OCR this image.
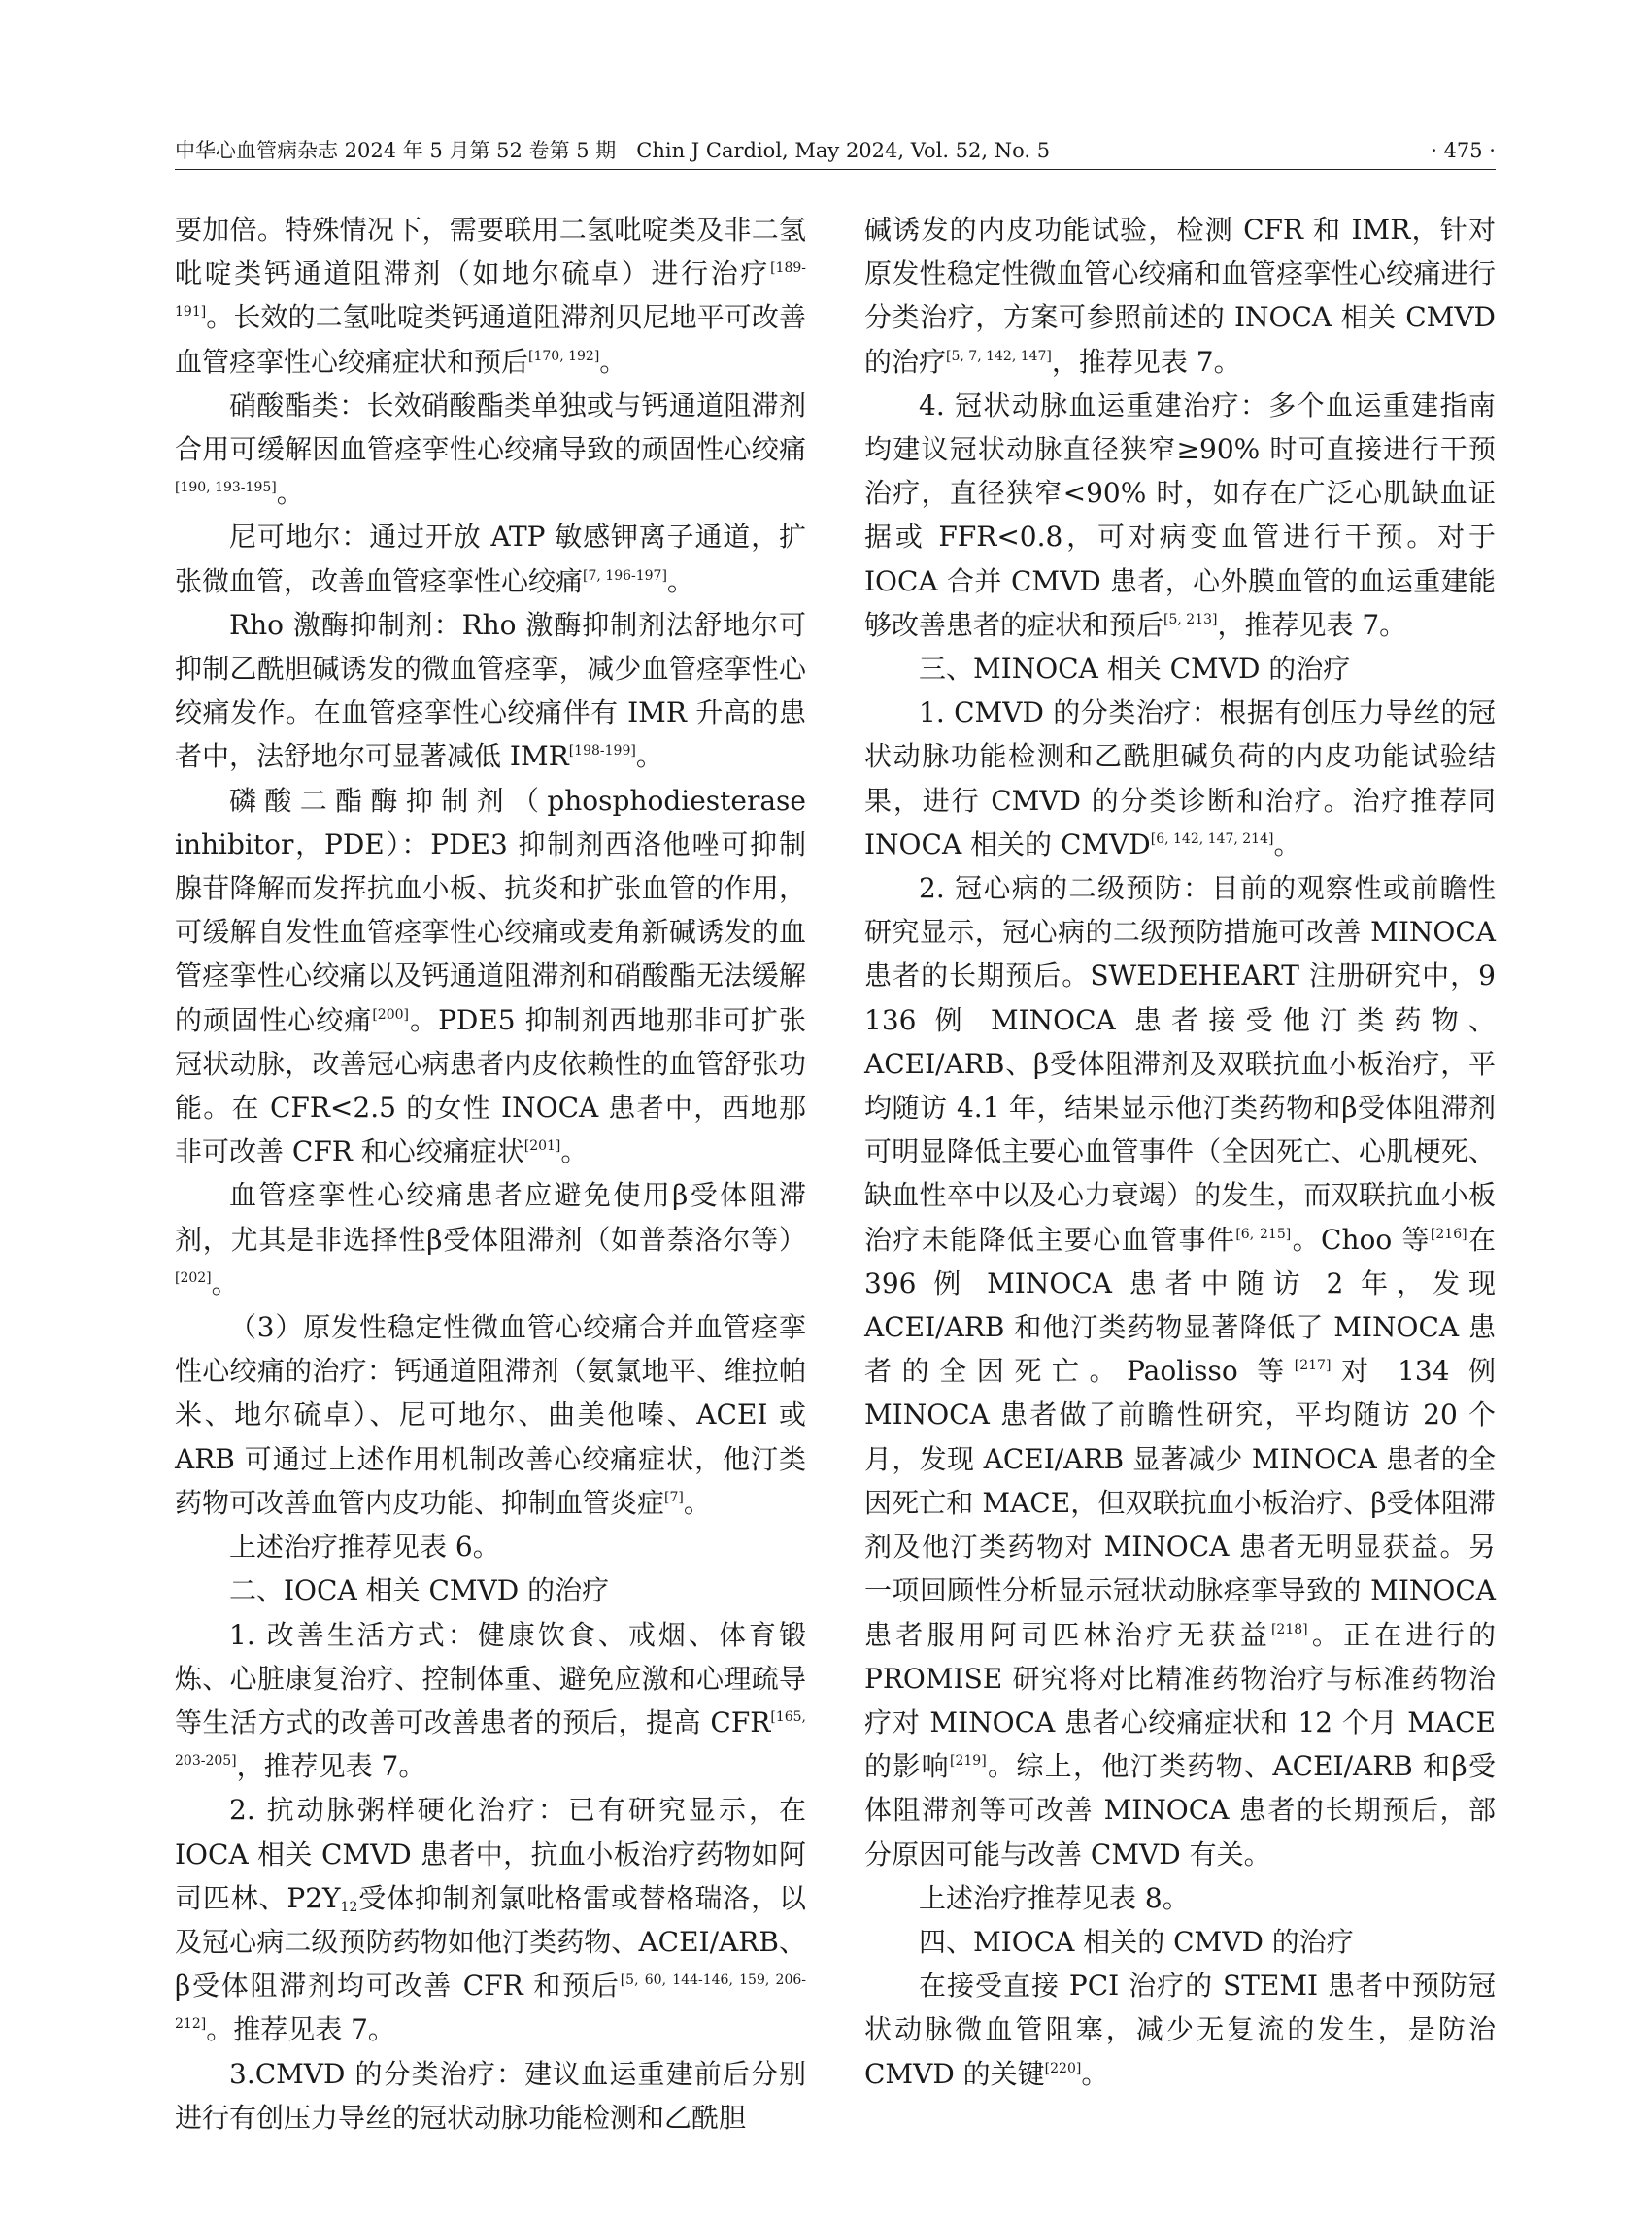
中华心血管病杂志 2024 年 5 月第 52 卷第 5 期　Chin J Cardiol, May 2024, Vol. 52, No. 5	· 475 ·

要加倍。特殊情况下，需要联用二氢吡啶类及非二氢吡啶类钙通道阻滞剂（如地尔硫卓）进行治疗[189-191]。长效的二氢吡啶类钙通道阻滞剂贝尼地平可改善血管痉挛性心绞痛症状和预后[170, 192]。

硝酸酯类：长效硝酸酯类单独或与钙通道阻滞剂合用可缓解因血管痉挛性心绞痛导致的顽固性心绞痛[190, 193-195]。

尼可地尔：通过开放 ATP 敏感钾离子通道，扩张微血管，改善血管痉挛性心绞痛[7, 196-197]。

Rho 激酶抑制剂：Rho 激酶抑制剂法舒地尔可抑制乙酰胆碱诱发的微血管痉挛，减少血管痉挛性心绞痛发作。在血管痉挛性心绞痛伴有 IMR 升高的患者中，法舒地尔可显著减低 IMR[198-199]。

磷酸二酯酶抑制剂（phosphodiesterase inhibitor，PDE）：PDE3 抑制剂西洛他唑可抑制腺苷降解而发挥抗血小板、抗炎和扩张血管的作用，可缓解自发性血管痉挛性心绞痛或麦角新碱诱发的血管痉挛性心绞痛以及钙通道阻滞剂和硝酸酯无法缓解的顽固性心绞痛[200]。PDE5 抑制剂西地那非可扩张冠状动脉，改善冠心病患者内皮依赖性的血管舒张功能。在 CFR<2.5 的女性 INOCA 患者中，西地那非可改善 CFR 和心绞痛症状[201]。

血管痉挛性心绞痛患者应避免使用β受体阻滞剂，尤其是非选择性β受体阻滞剂（如普萘洛尔等）[202]。

（3）原发性稳定性微血管心绞痛合并血管痉挛性心绞痛的治疗：钙通道阻滞剂（氨氯地平、维拉帕米、地尔硫卓）、尼可地尔、曲美他嗪、ACEI 或 ARB 可通过上述作用机制改善心绞痛症状，他汀类药物可改善血管内皮功能、抑制血管炎症[7]。

上述治疗推荐见表 6。

二、IOCA 相关 CMVD 的治疗

1. 改善生活方式：健康饮食、戒烟、体育锻炼、心脏康复治疗、控制体重、避免应激和心理疏导等生活方式的改善可改善患者的预后，提高 CFR[165, 203-205]，推荐见表 7。

2. 抗动脉粥样硬化治疗：已有研究显示，在 IOCA 相关 CMVD 患者中，抗血小板治疗药物如阿司匹林、$P2Y_{12}$受体抑制剂氯吡格雷或替格瑞洛，以及冠心病二级预防药物如他汀类药物、ACEI/ARB、β受体阻滞剂均可改善 CFR 和预后[5, 60, 144-146, 159, 206-212]。推荐见表 7。

3.CMVD 的分类治疗：建议血运重建前后分别进行有创压力导丝的冠状动脉功能检测和乙酰胆

碱诱发的内皮功能试验，检测 CFR 和 IMR，针对原发性稳定性微血管心绞痛和血管痉挛性心绞痛进行分类治疗，方案可参照前述的 INOCA 相关 CMVD 的治疗[5, 7, 142, 147]，推荐见表 7。

4. 冠状动脉血运重建治疗：多个血运重建指南均建议冠状动脉直径狭窄≥90% 时可直接进行干预治疗，直径狭窄<90% 时，如存在广泛心肌缺血证据或 FFR<0.8，可对病变血管进行干预。对于 IOCA 合并 CMVD 患者，心外膜血管的血运重建能够改善患者的症状和预后[5, 213]，推荐见表 7。

三、MINOCA 相关 CMVD 的治疗

1. CMVD 的分类治疗：根据有创压力导丝的冠状动脉功能检测和乙酰胆碱负荷的内皮功能试验结果，进行 CMVD 的分类诊断和治疗。治疗推荐同 INOCA 相关的 CMVD[6, 142, 147, 214]。

2. 冠心病的二级预防：目前的观察性或前瞻性研究显示，冠心病的二级预防措施可改善 MINOCA 患者的长期预后。SWEDEHEART 注册研究中，9 136 例 MINOCA 患者接受他汀类药物、ACEI/ARB、β受体阻滞剂及双联抗血小板治疗，平均随访 4.1 年，结果显示他汀类药物和β受体阻滞剂可明显降低主要心血管事件（全因死亡、心肌梗死、缺血性卒中以及心力衰竭）的发生，而双联抗血小板治疗未能降低主要心血管事件[6, 215]。Choo 等[216]在 396 例 MINOCA 患者中随访 2 年，发现 ACEI/ARB 和他汀类药物显著降低了 MINOCA 患者的全因死亡。Paolisso 等[217]对 134 例 MINOCA 患者做了前瞻性研究，平均随访 20 个月，发现 ACEI/ARB 显著减少 MINOCA 患者的全因死亡和 MACE，但双联抗血小板治疗、β受体阻滞剂及他汀类药物对 MINOCA 患者无明显获益。另一项回顾性分析显示冠状动脉痉挛导致的 MINOCA 患者服用阿司匹林治疗无获益[218]。正在进行的 PROMISE 研究将对比精准药物治疗与标准药物治疗对 MINOCA 患者心绞痛症状和 12 个月 MACE 的影响[219]。综上，他汀类药物、ACEI/ARB 和β受体阻滞剂等可改善 MINOCA 患者的长期预后，部分原因可能与改善 CMVD 有关。

上述治疗推荐见表 8。

四、MIOCA 相关的 CMVD 的治疗

在接受直接 PCI 治疗的 STEMI 患者中预防冠状动脉微血管阻塞，减少无复流的发生，是防治 CMVD 的关键[220]。
